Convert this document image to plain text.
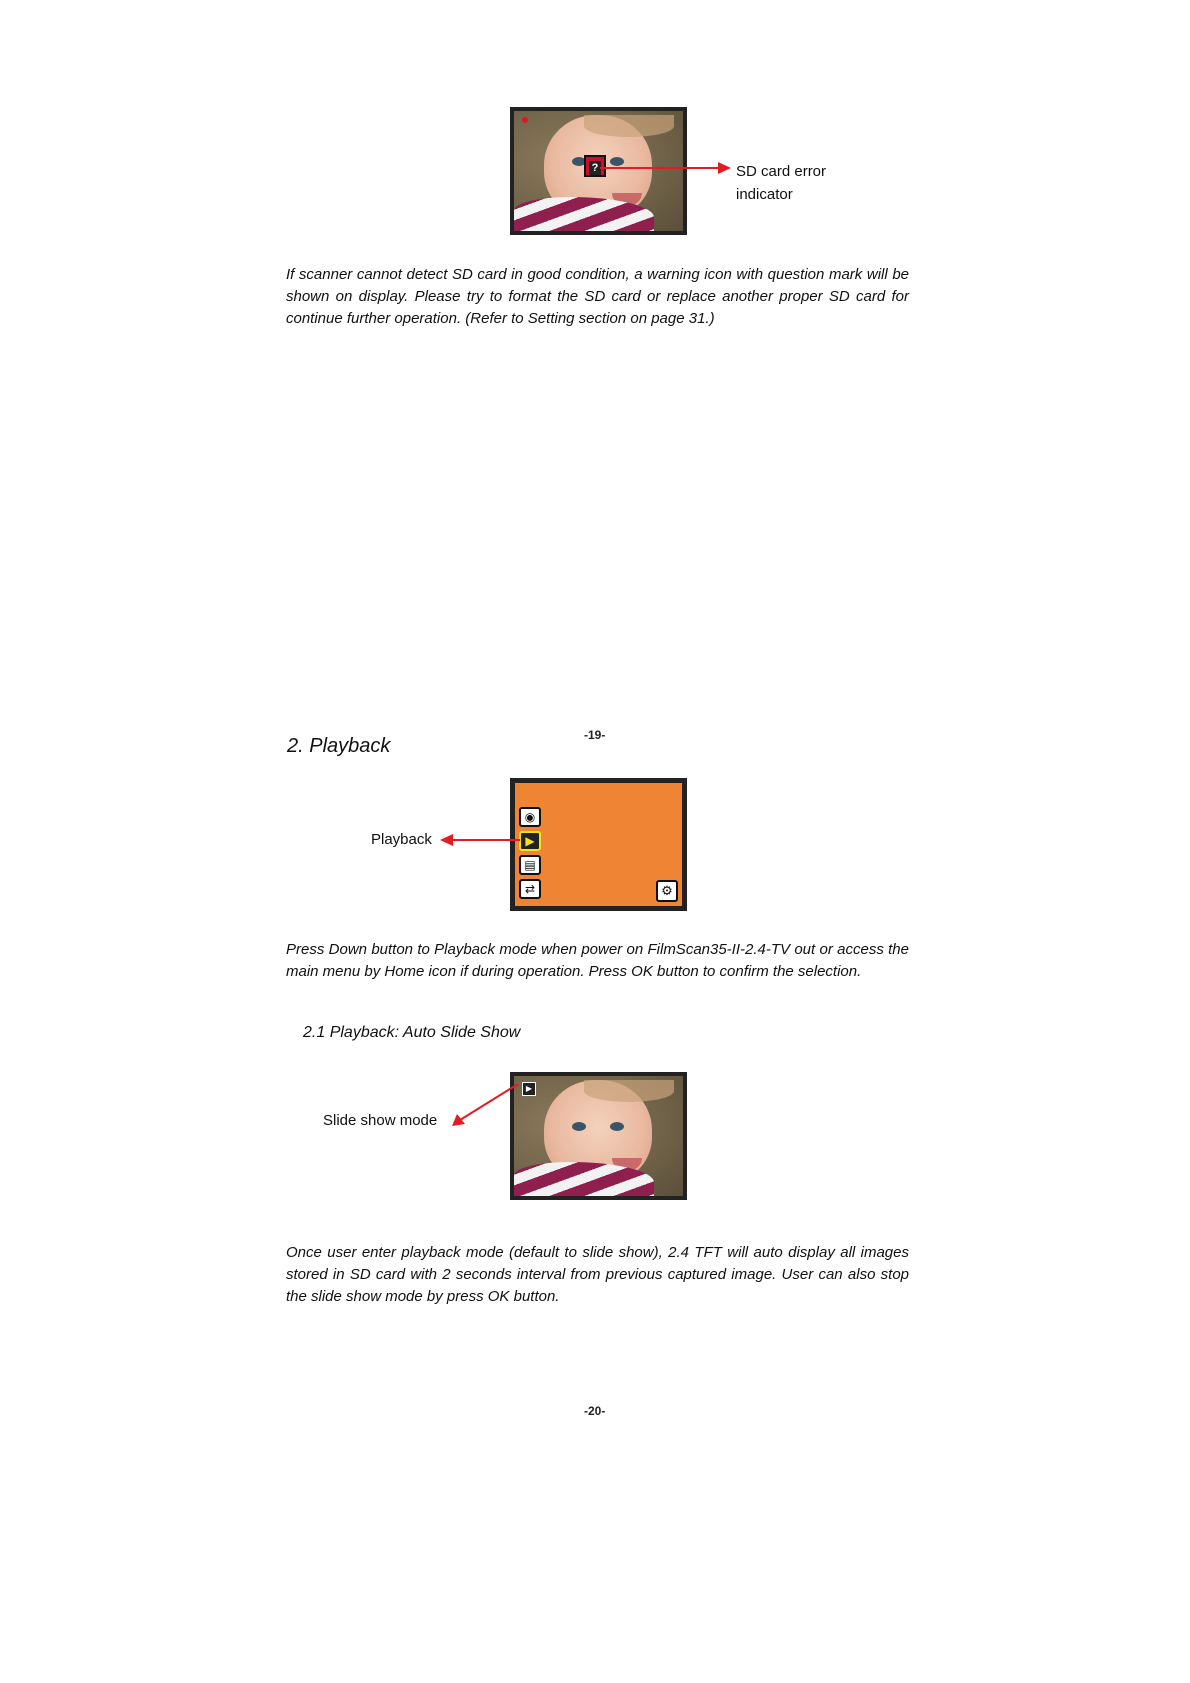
?	SD card error indicator
If scanner cannot detect SD card in good condition, a warning icon with question mark will be shown on display. Please try to format the SD card or replace another proper SD card for continue further operation. (Refer to Setting section on page 31.)
-19-
2. Playback
◉
▶
▤
⇄	⚙
Playback
Press Down button to Playback mode when power on FilmScan35-II-2.4-TV out or access the main menu by Home icon if during operation. Press OK button to confirm the selection.
2.1 Playback: Auto Slide Show
▶
Slide show mode
Once user enter playback mode (default to slide show), 2.4 TFT will auto display all images stored in SD card with 2 seconds interval from previous captured image. User can also stop the slide show mode by press OK button.
-20-
